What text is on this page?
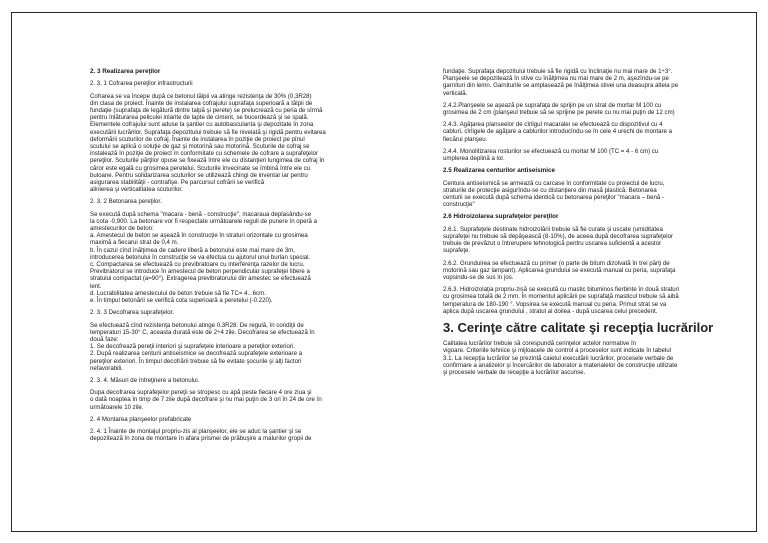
2. 3 Realizarea pereţilor
2. 3. 1 Cofrarea pereţilor infrastructurii

Cofrarea se va începe după ce betonul tălpii va atinge rezistenţa de 30% (0,3R28)
din clasa de proiect. Înainte de instalarea cofrajului suprafaţa superioară a tălpii de
fundaţie (suprafaţa de legătură dintre talpă şi perete) se prelucrează cu peria de sîrmă
pentru înlăturarea peliculei inlarite de lapte de ciment, se bucerdează şi se spală.
Elementele cofrajului sunt aduse la şantier cu autobasculanta şi depozitate în zona
executării lucrărilor. Suprafaţa depozitului trebuie să fie nivelată şi rigidă pentru evitarea
deformării scuturilor de cofraj. Înainte de instalarea în poziţie de proiect pe pînul
scutului se aplică o soluţie de gaz şi motorină sau motorină. Scuturile de cofraj se
instalează în poziţie de proiect în conformitate cu schemele de cofrare a suprafeţelor
pereţilor. Scuturile părţilor opuse se fixează între ele cu distanţieri lungimea de cofraj în
căror este egală cu grosimea peretelui. Scuturile învecinate se îmbină între ele cu
buloane. Pentru solidarizarea scuturilor se utilizează chingi de inventar iar pentru
asigurarea stabilităţii - contrafişe. Pe parcursul cofrării se verifică
alinierea şi verticalitatea scuturilor.

2. 3. 2 Betonarea pereţilor.

Se execută după schema "macara - benă - construcţie", macaraua deplasându-se
la cota -0,900. La betonare vor fi respectate următoarele reguli de punere în operă a
amestecurilor de beton:
a. Amestecul de beton se aşează în construcţie în straturi orizontale cu grosimea
maximă a fiecarui strat de 0,4 m.
b. În cazul cînd înălţimea de cadere liberă a betonului este mai mare de 3m,
introducerea betonului în construcţie se va efectua cu ajutorul unui burlan special.
c. Compactarea se efectuează cu previbratoare cu interferenţa razelor de lucru.
Previbratorul se introduce în amestecul de beton perpendicular suprafeţei libere a
stratului compactat (a=90°). Extragerea previbratorului din amestec se efectuează
lent.
d. Lucrabilitatea amestecului de beton trebuie să fie TC= 4...6cm.
e. În timpul betonării se verifică cota superioară a peretelui (-0.220).

2. 3. 3 Decofrarea suprafeţelor.

Se efectuează cînd rezistenţa betonului atinge 0.3R28. De regulă, în condiţii de
temperaturi 15-30° C, aceasta durată este de 2÷4 zile. Decofrarea se efectuează în
două faze:
1. Se decofrează pereţii interiori şi suprafeţele interioare a pereţilor exteriori.
2. După realizarea centurii antiseismice se decofrează suprafeţele exterioare a
pereţilor exteriori. În timpul decofrării trebuie să fie evitate şocurile şi alţi factori
nefavorabili.

2. 3. 4. Măsuri de întreţinere a betonului.

Dupa decofrarea suprafeţelor pereţii se stropesc cu apă peste fiecare 4 ore ziua şi
o dată noaptea în timp de 7 zile după decofrare şi nu mai puţin de 3 ori în 24 de ore în
următoarele 10 zile.

2. 4 Montarea planşeelor prefabricate

2. 4. 1 Înainte de montajul propriu-zis al planşeelor, ele se aduc la şantier şi se
depozitează în zona de montare în afara prismei de prăbuşire a malurilor gropii de

fundaţie. Suprafaţa depozitului trebuie să fie rigidă cu înclinaţie nu mai mare de 1÷3°.
Planşeele se depozitează în stive cu înălţimea nu mai mare de 2 m, aşezîndu-se pe
garnituri din lemn. Garniturile se amplasează pe înălţimea stivei una deasupra alteia pe
verticală.

2.4.2.Planşeele se aşează pe suprafaţa de sprijin pe un strat de mortar M 100 cu
grosimea de 2 cm (planşeul trebuie să se sprijine pe perete cu nu mai puţin de 12 cm)

2.4.3. Agăţarea planseelor de cîrligul macaralei se efectuează cu dispozitivul cu 4
cabluri, cîrligele de agăţare a cablurilor introducîndu-se în cele 4 urechi de montare a
fiecărui planşeu.

2.4.4. Monolitizarea rosturilor se efectuează cu mortar M 100 (TC = 4 - 6 cm) cu
umplerea deplină a lor.

2.5 Realizarea centurilor antiseismice

Centura antiseismică se armează cu carcase în conformitate cu proiectul de lucru,
straturile de protecţie asigurîndu-se cu distanţiere din masă plastică. Betonarea
centurii se execută după schema identică cu betonarea pereţilor "macara – benă -
construcţie"

2.6 Hidroizolarea suprafeţelor pereţilor

2.6.1. Suprafeţele destinate hidroizolării trebuie să fie curate şi uscate (umiditatea
suprafeţei nu trebuie să depăşească (8-10%), de aceea după decofrarea suprafeţelor
trebuie de prevăzut o întrerupere tehnologică pentru uscarea suficientă a acestor
suprafeţe.

2.6.2. Grunduirea se efectuează cu primer (o parte de bitum dizolvată în trei părţi de
motorină sau gaz lampant). Aplicarea grundului se execută manual cu peria, suprafaţa
vopsindu-se de sus în jos.

2.6.3. Hidroizolaţia propriu-zisă se execută cu mastic bituminos fierbinte în două straturi
cu grosimea totală de 2 mm. În momentul aplicării pe suprafaţă masticul trebuie să aibă
temperatura de 180-190 °. Vopsirea se execută manual cu peria. Primul strat se va
aplica după uscarea grundului , stratul al doilea - după uscarea celui precedent.

3. Cerinţe către calitate şi recepţia lucrărilor

Calitatea lucrărilor trebuie să corespundă cerinţelor actelor normative în
vigoare. Criteriile tehnice şi mijloacele de control a proceselor sunt indicate în tabelul
3.1. La recepţia lucrărilor se prezintă caietul executării lucrărilor, procesele verbale de
confirmare a analizelor şi încercărilor de laborator a materialelor de construcţie utilizate
şi procesele verbale de recepţie a lucrărilor ascunse.
